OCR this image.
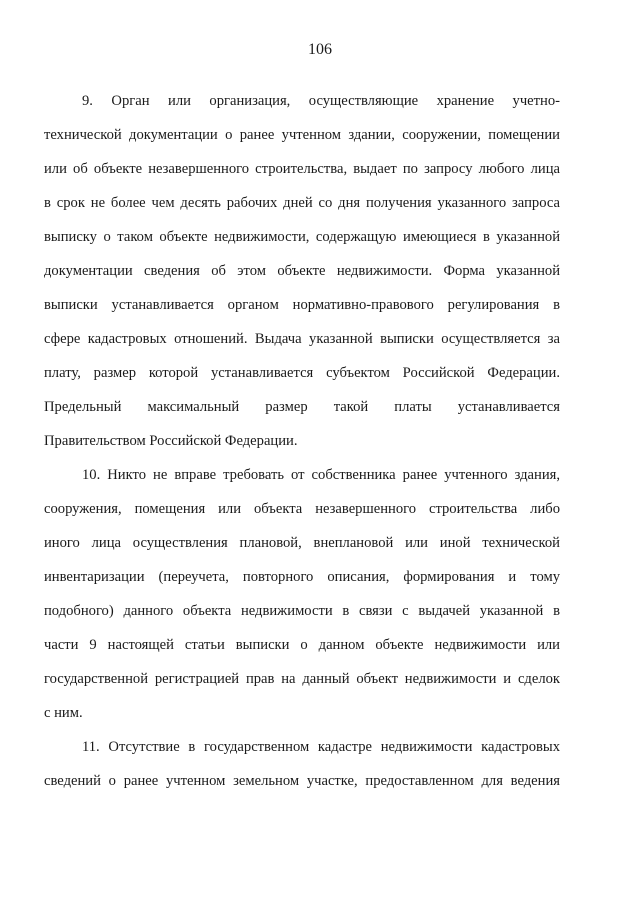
106

9. Орган или организация, осуществляющие хранение учетно-
технической документации о ранее учтенном здании, сооружении, помещении
или об объекте незавершенного строительства, выдает по запросу любого лица
в срок не более чем десять рабочих дней со дня получения указанного запроса
выписку о таком объекте недвижимости, содержащую имеющиеся в указанной
документации сведения об этом объекте недвижимости. Форма указанной
выписки устанавливается органом нормативно-правового регулирования в
сфере кадастровых отношений. Выдача указанной выписки осуществляется за
плату, размер которой устанавливается субъектом Российской Федерации.
Предельный максимальный размер такой платы устанавливается
Правительством Российской Федерации.

10. Никто не вправе требовать от собственника ранее учтенного здания,
сооружения, помещения или объекта незавершенного строительства либо
иного лица осуществления плановой, внеплановой или иной технической
инвентаризации (переучета, повторного описания, формирования и тому
подобного) данного объекта недвижимости в связи с выдачей указанной в
части 9 настоящей статьи выписки о данном объекте недвижимости или
государственной регистрацией прав на данный объект недвижимости и сделок
с ним.

11. Отсутствие в государственном кадастре недвижимости кадастровых
сведений о ранее учтенном земельном участке, предоставленном для ведения
